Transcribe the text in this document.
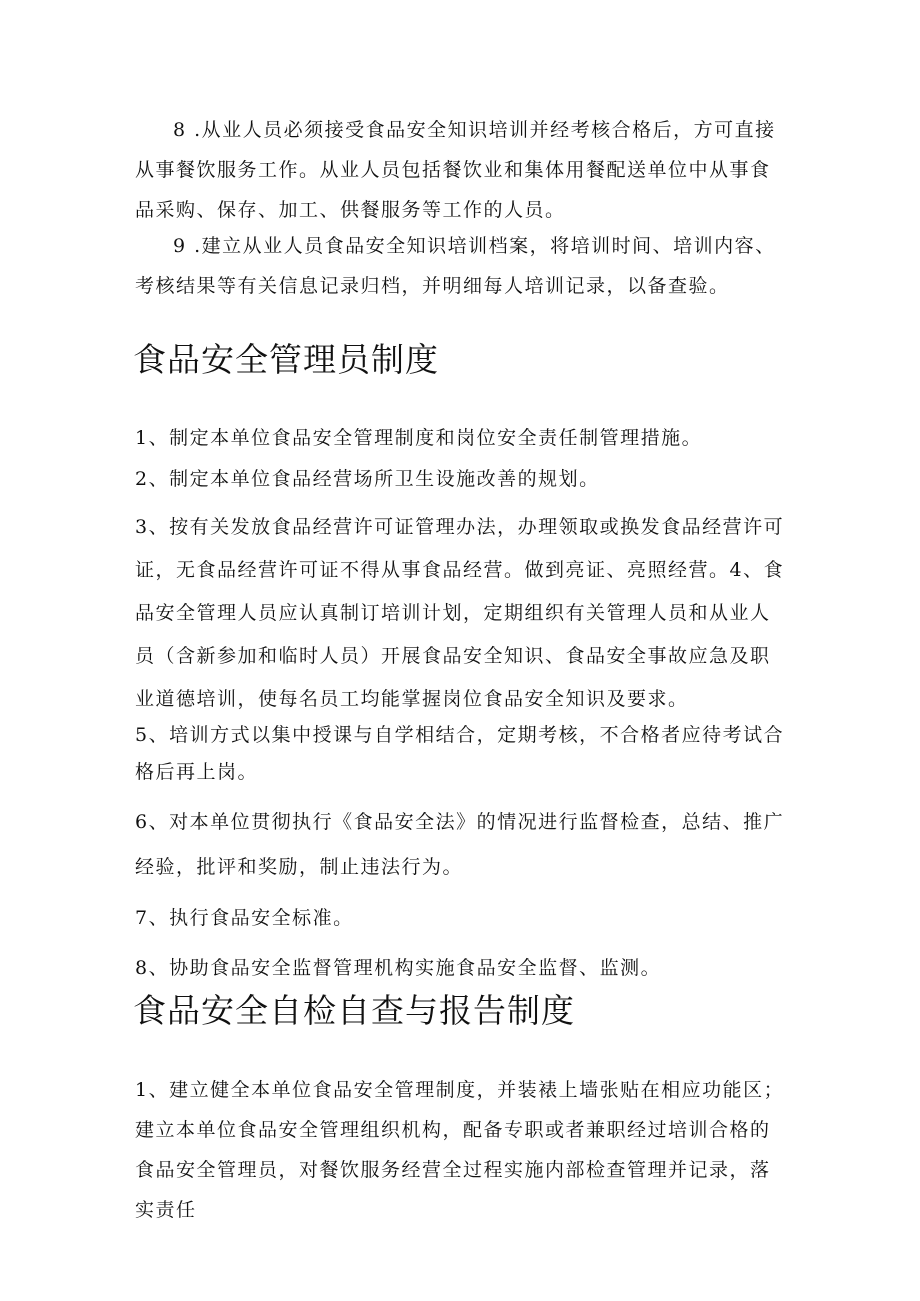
8 .从业人员必须接受食品安全知识培训并经考核合格后，方可直接从事餐饮服务工作。从业人员包括餐饮业和集体用餐配送单位中从事食品采购、保存、加工、供餐服务等工作的人员。

9 .建立从业人员食品安全知识培训档案，将培训时间、培训内容、考核结果等有关信息记录归档，并明细每人培训记录，以备查验。

食品安全管理员制度

1、制定本单位食品安全管理制度和岗位安全责任制管理措施。

2、制定本单位食品经营场所卫生设施改善的规划。

3、按有关发放食品经营许可证管理办法，办理领取或换发食品经营许可证，无食品经营许可证不得从事食品经营。做到亮证、亮照经营。4、食品安全管理人员应认真制订培训计划，定期组织有关管理人员和从业人员（含新参加和临时人员）开展食品安全知识、食品安全事故应急及职业道德培训，使每名员工均能掌握岗位食品安全知识及要求。

5、培训方式以集中授课与自学相结合，定期考核，不合格者应待考试合格后再上岗。

6、对本单位贯彻执行《食品安全法》的情况进行监督检查，总结、推广经验，批评和奖励，制止违法行为。

7、执行食品安全标准。

8、协助食品安全监督管理机构实施食品安全监督、监测。

食品安全自检自查与报告制度

1、建立健全本单位食品安全管理制度，并装裱上墙张贴在相应功能区；建立本单位食品安全管理组织机构，配备专职或者兼职经过培训合格的食品安全管理员，对餐饮服务经营全过程实施内部检查管理并记录，落实责任
